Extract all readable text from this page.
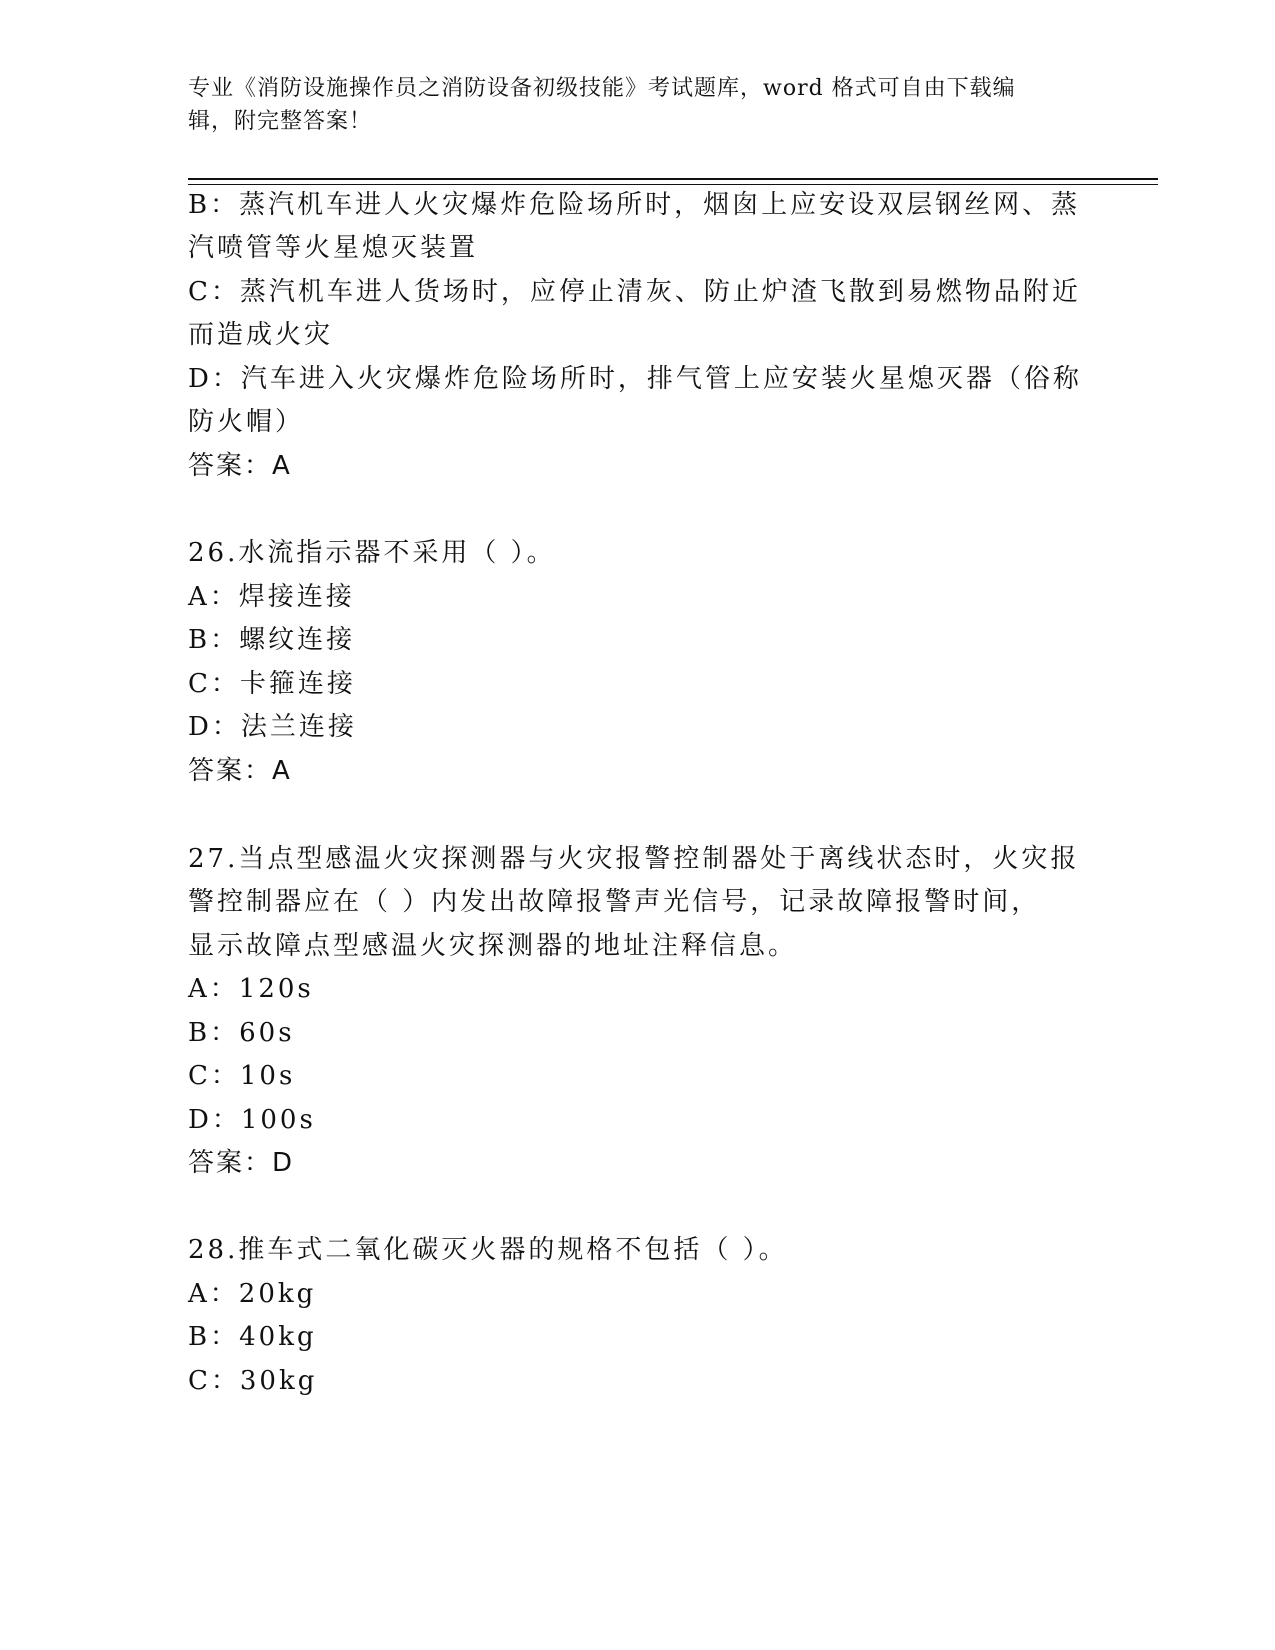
专业《消防设施操作员之消防设备初级技能》考试题库，word 格式可自由下载编
辑，附完整答案！
B：蒸汽机车进人火灾爆炸危险场所时，烟囱上应安设双层钢丝网、蒸
汽喷管等火星熄灭装置
C：蒸汽机车进人货场时，应停止清灰、防止炉渣飞散到易燃物品附近
而造成火灾
D：汽车进入火灾爆炸危险场所时，排气管上应安装火星熄灭器（俗称
防火帽）
答案：A
26.水流指示器不采用（ ）。
A：焊接连接
B：螺纹连接
C：卡箍连接
D：法兰连接
答案：A
27.当点型感温火灾探测器与火灾报警控制器处于离线状态时，火灾报
警控制器应在（ ）内发出故障报警声光信号，记录故障报警时间，
显示故障点型感温火灾探测器的地址注释信息。
A：120s
B：60s
C：10s
D：100s
答案：D
28.推车式二氧化碳灭火器的规格不包括（ ）。
A：20kg
B：40kg
C：30kg
